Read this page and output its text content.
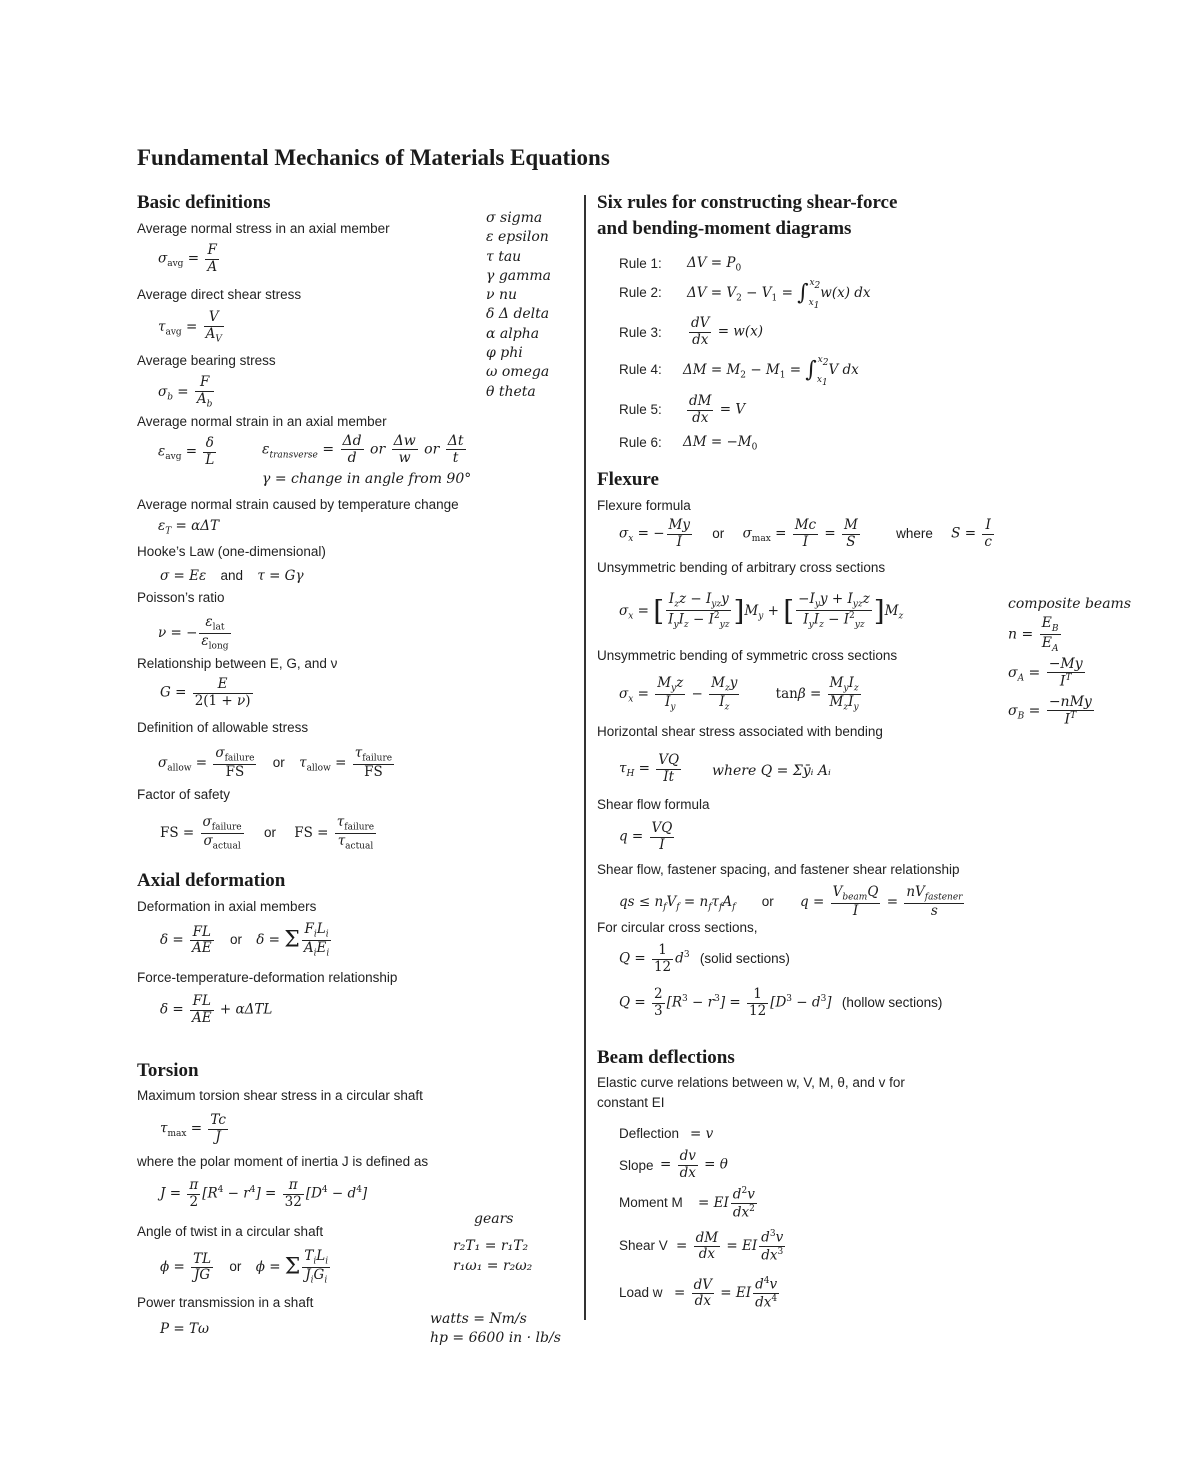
Fundamental Mechanics of Materials Equations
σ sigma
ε epsilon
τ tau
γ gamma
ν nu
δ Δ delta
α alpha
φ phi
ω omega
θ theta
Basic definitions
Average normal stress in an axial member
$\sigma_{avg} = \frac{F}{A}$
Average direct shear stress
$\tau_{avg} = \frac{V}{A_V}$
Average bearing stress
$\sigma_b = \frac{F}{A_b}$
Average normal strain in an axial member
$\varepsilon_{avg} = \frac{\delta}{L}$	$\varepsilon_{transverse} = \frac{\Delta d}{d}$ or $\frac{\Delta w}{w}$ or $\frac{\Delta t}{t}$
γ = change in angle from 90°
Average normal strain caused by temperature change
$\varepsilon_T = \alpha\Delta T$
Hooke’s Law (one-dimensional)
σ = Eε and τ = Gγ
Poisson’s ratio
ν = − $\frac{\varepsilon_{lat}}{\varepsilon_{long}}$
Relationship between E, G, and ν
$G = \frac{E}{2(1 + \nu)}$
Definition of allowable stress
$\sigma_{allow} = \frac{\sigma_{failure}}{FS}$ or $\tau_{allow} = \frac{\tau_{failure}}{FS}$
Factor of safety
FS = $\frac{\sigma_{failure}}{\sigma_{actual}}$ or FS = $\frac{\tau_{failure}}{\tau_{actual}}$
Axial deformation
Deformation in axial members
$\delta = \frac{FL}{AE}$ or δ = Σ $\frac{F_iL_i}{A_iE_i}$
Force-temperature-deformation relationship
$\delta = \frac{FL}{AE} + \alpha\Delta TL$
Torsion
Maximum torsion shear stress in a circular shaft
$\tau_{max} = \frac{Tc}{J}$
where the polar moment of inertia J is defined as
$J = \frac{\pi}{2} [R^4 - r^4] = \frac{\pi}{32} [D^4 - d^4]$
Angle of twist in a circular shaft
$\phi = \frac{TL}{JG}$ or ϕ = Σ $\frac{T_iL_i}{J_iG_i}$
Power transmission in a shaft
P = Tω
gears
r₂T₁ = r₁T₂
r₁ω₁ = r₂ω₂
watts = Nm/s
hp = 6600 in · lb/s
Six rules for constructing shear-force
and bending-moment diagrams
Rule 1: $\Delta V = P_0$
Rule 2: $\Delta V = V_2 - V_1 = \int_{x_1}^{x_2}w(x)$ dx
Rule 3: $\frac{dV}{dx} = w(x)$
Rule 4: $\Delta M = M_2 - M_1 = \int_{x_1}^{x_2}V$ dx
Rule 5: $\frac{dM}{dx} = V$
Rule 6: $\Delta M = -M_0$
Flexure
Flexure formula
$\sigma_x$ = − $\frac{My}{I}$ or $\sigma_{max} = \frac{Mc}{I} = \frac{M}{S}$	where $S = \frac{I}{c}$
Unsymmetric bending of arbitrary cross sections
$\sigma_x$ = [ $\frac{I_zz - I_{yz}y}{I_yI_z - I^2_{yz}} ]M_y$ + [ $\frac{-I_yy + I_{yz}z}{I_yI_z - I^2_{yz}} ]M_z$
composite beams
$n = \frac{E_B}{E_A}$
$\sigma_A = \frac{-My}{I^T}$
$\sigma_B = \frac{\text{−nMy}}{I^T}$
Unsymmetric bending of symmetric cross sections
$\sigma_x = \frac{M_yz}{I_y} - \frac{M_zy}{I_z}$	$\tan\beta = \frac{M_yI_z}{M_zI_y}$
Horizontal shear stress associated with bending
$\tau_H = \frac{VQ}{It}$ where Q = Σȳᵢ Aᵢ
Shear flow formula
$q = \frac{VQ}{I}$
Shear flow, fastener spacing, and fastener shear relationship
qs ≤ $n_fV_f = n_f\tau_fA_f$ or $q = \frac{V_{beam}Q}{I} = \frac{nV_{fastener}}{s}$
For circular cross sections,
$Q = \frac{1}{12} d^3$ (solid sections)
$Q = \frac{2}{3} [R^3 - r^3] = \frac{1}{12} [D^3 - d^3]$ (hollow sections)
Beam deflections
Elastic curve relations between w, V, M, θ, and v for
constant EI
Deflection = v
Slope = $\frac{dv}{dx} = \theta$
Moment M = EI $\frac{d^2v}{dx^2}$
Shear $V = \frac{dM}{dx}$ = EI $\frac{d^3v}{dx^3}$
Load $w = \frac{dV}{dx}$ = EI $\frac{d^4v}{dx^4}$
